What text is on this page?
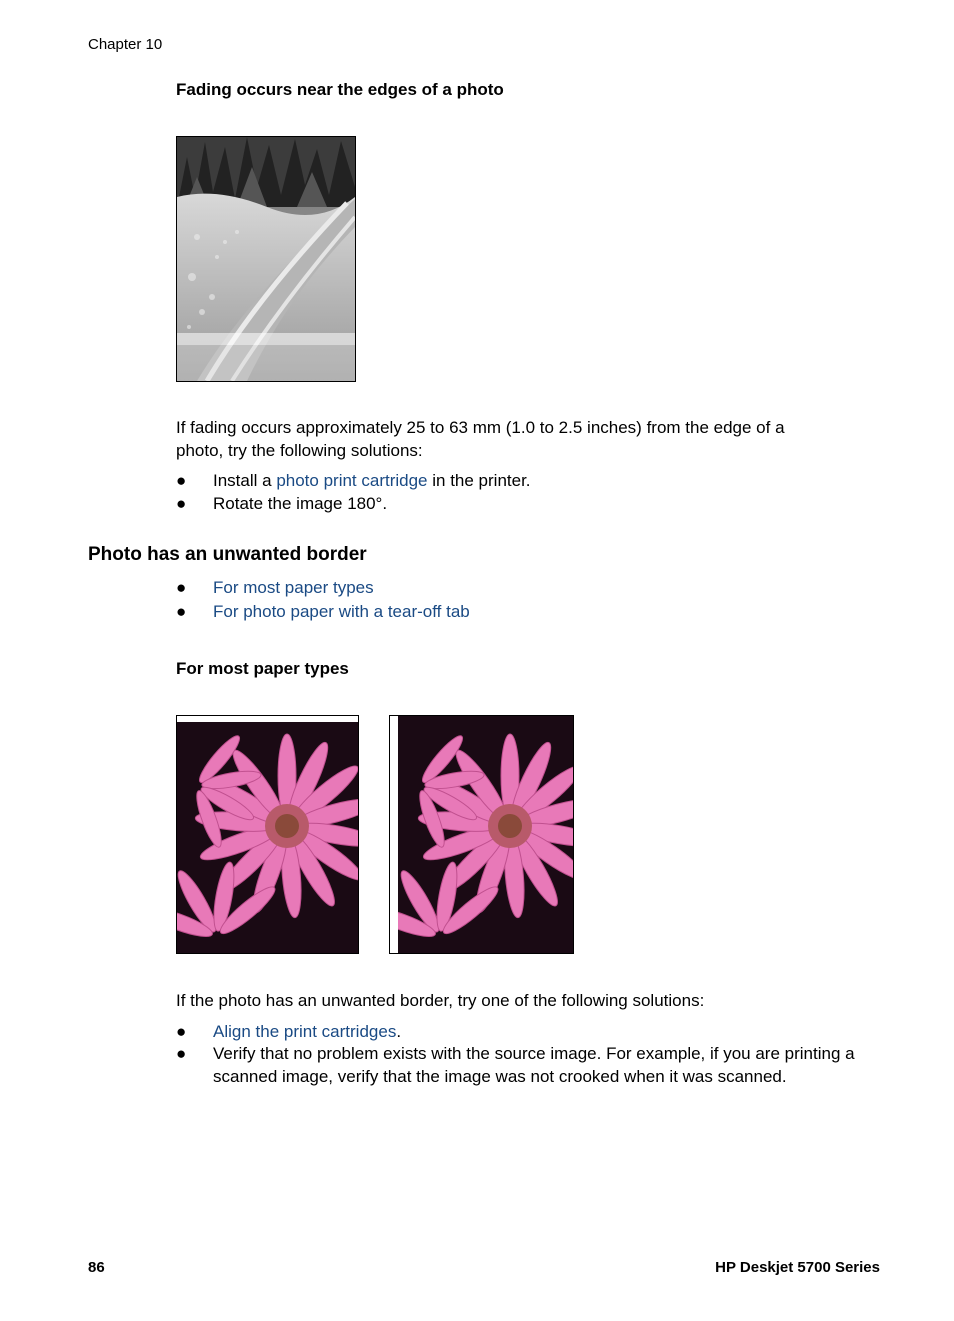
Chapter 10
Fading occurs near the edges of a photo
If fading occurs approximately 25 to 63 mm (1.0 to 2.5 inches) from the edge of a
photo, try the following solutions:
● Install a photo print cartridge in the printer.
● Rotate the image 180°.
Photo has an unwanted border
● For most paper types
● For photo paper with a tear-off tab
For most paper types
If the photo has an unwanted border, try one of the following solutions:
● Align the print cartridges.
● Verify that no problem exists with the source image. For example, if you are printing a
scanned image, verify that the image was not crooked when it was scanned.
86	HP Deskjet 5700 Series
